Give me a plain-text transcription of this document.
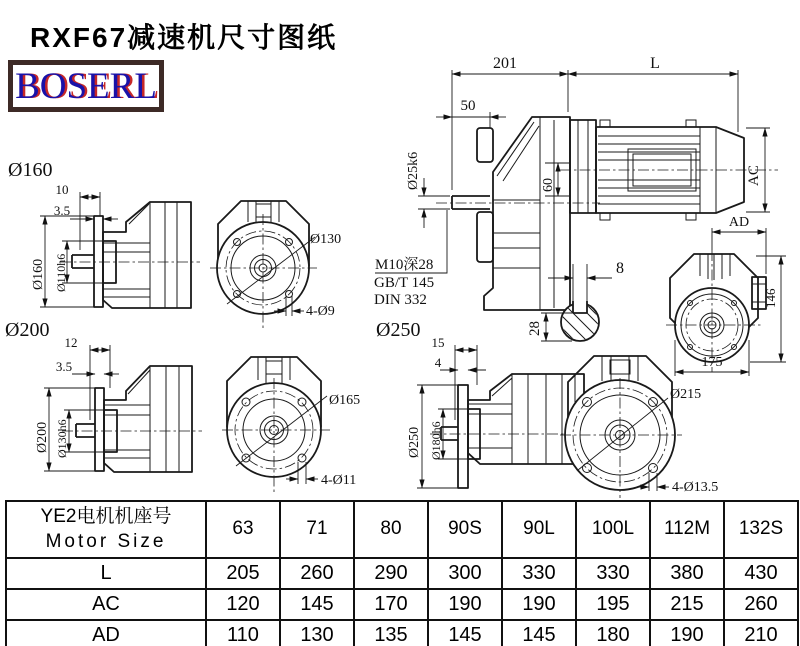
RXF67减速机尺寸图纸
BOSERL
201	L
50
Ø25k6	60	AC
M10深28
GB/T 145
DIN 332
8
28
AD
146
175
Ø160
10
3.5
Ø160 Ø110h6
Ø130
4-Ø9
Ø200
12
3.5
Ø200 Ø130h6
Ø165
4-Ø11
Ø250
15
4
Ø250 Ø180h6
Ø215
4-Ø13.5
YE2电机机座号
Motor Size	63	71	80	90S	90L	100L	112M	132S
L	205	260	290	300	330	330	380	430
AC	120	145	170	190	190	195	215	260
AD	110	130	135	145	145	180	190	210
